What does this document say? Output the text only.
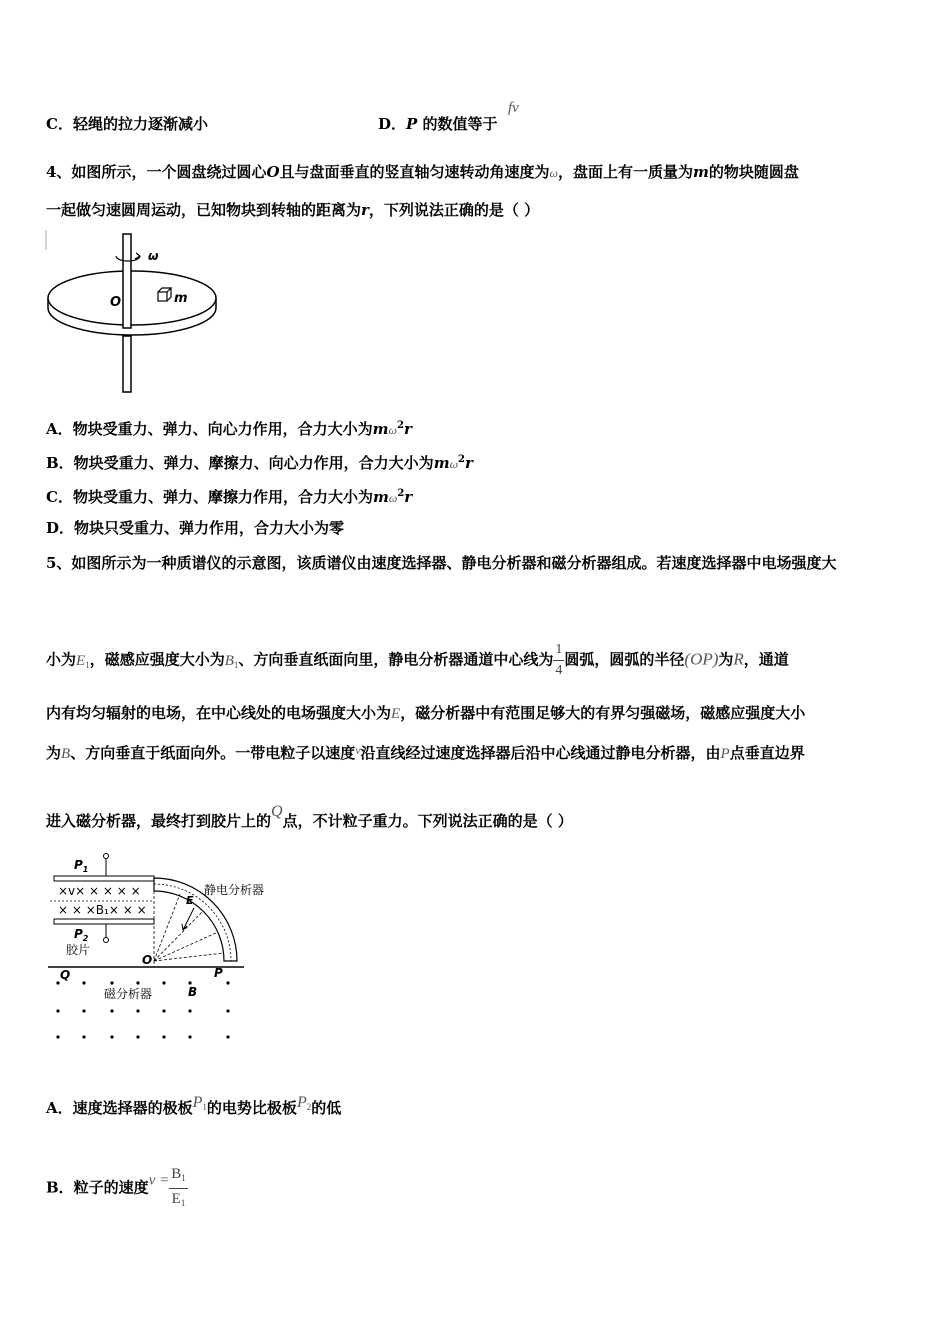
C．轻绳的拉力逐渐减小	D．P 的数值等于
fv
4、如图所示，一个圆盘绕过圆心O且与盘面垂直的竖直轴匀速转动角速度为ω，盘面上有一质量为m的物块随圆盘
一起做匀速圆周运动，已知物块到转轴的距离为r，下列说法正确的是（ ）
ω
O	m
A．物块受重力、弹力、向心力作用，合力大小为$m\omega^2r$
B．物块受重力、弹力、摩擦力、向心力作用，合力大小为$m\omega^2r$
C．物块受重力、弹力、摩擦力作用，合力大小为$m\omega^2r$
D．物块只受重力、弹力作用，合力大小为零
5、如图所示为一种质谱仪的示意图，该质谱仪由速度选择器、静电分析器和磁分析器组成。若速度选择器中电场强度大
小为$E_1$，磁感应强度大小为$B_1$、方向垂直纸面向里，静电分析器通道中心线为 $\frac{1}{4}$ 圆弧，圆弧的半径(OP)为R，通道
内有均匀辐射的电场，在中心线处的电场强度大小为E，磁分析器中有范围足够大的有界匀强磁场，磁感应强度大小
为B、方向垂直于纸面向外。一带电粒子以速度$^v$沿直线经过速度选择器后沿中心线通过静电分析器，由P点垂直边界
进入磁分析器，最终打到胶片上的Q点，不计粒子重力。下列说法正确的是（ ）
$P_1$
×v× × × × ×
× × ×B₁× × ×
$P_2$
胶片
E
静电分析器
O
P
Q
磁分析器	B
A．速度选择器的极板$P_1$的电势比极板$P_2$的低
B．粒子的速度$v = \frac{B_1}{E_1}$
